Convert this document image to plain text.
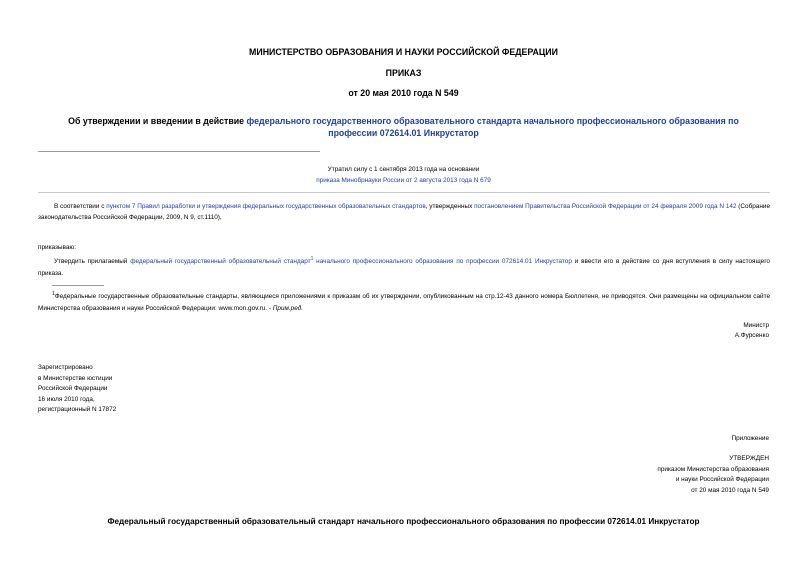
МИНИСТЕРСТВО ОБРАЗОВАНИЯ И НАУКИ РОССИЙСКОЙ ФЕДЕРАЦИИ
ПРИКАЗ
от 20 мая 2010 года N 549
Об утверждении и введении в действие федерального государственного образовательного стандарта начального профессионального образования по профессии 072614.01 Инкрустатор
Утратил силу с 1 сентября 2013 года на основании
приказа Минобрнауки России от 2 августа 2013 года N 679
В соответствии с пунктом 7 Правил разработки и утверждения федеральных государственных образовательных стандартов, утвержденных постановлением Правительства Российской Федерации от 24 февраля 2009 года N 142 (Собрание законодательства Российской Федерации, 2009, N 9, ст.1110),
приказываю:
Утвердить прилагаемый федеральный государственный образовательный стандарт$^1$ начального профессионального образования по профессии 072614.01 Инкрустатор и ввести его в действие со дня вступления в силу настоящего приказа.
$^1$Федеральные государственные образовательные стандарты, являющиеся приложениями к приказам об их утверждении, опубликованным на стр.12-43 данного номера Бюллетеня, не приводятся. Они размещены на официальном сайте Министерства образования и науки Российской Федерации: www.mon.gov.ru. - Прим.ред.
Министр
А.Фурсенко
Зарегистрировано
в Министерстве юстиции
Российской Федерации
16 июля 2010 года,
регистрационный N 17872
Приложение
УТВЕРЖДЕН
приказом Министерства образования
и науки Российской Федерации
от 20 мая 2010 года N 549
Федеральный государственный образовательный стандарт начального профессионального образования по профессии 072614.01 Инкрустатор
